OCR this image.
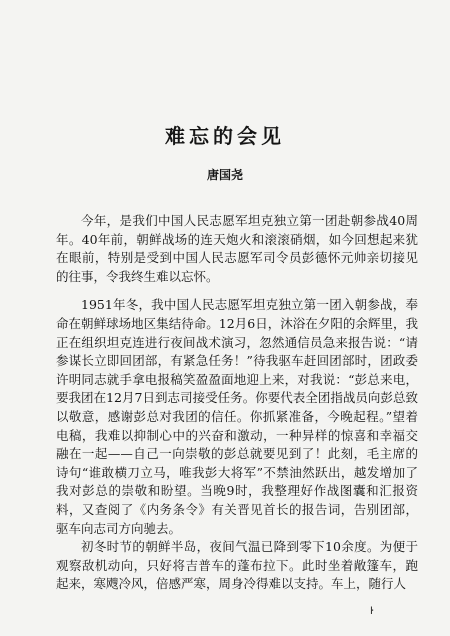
难忘的会见
唐国尧

今年，是我们中国人民志愿军坦克独立第一团赴朝参战40周年。40年前，朝鲜战场的连天炮火和滚滚硝烟，如今回想起来犹在眼前，特别是受到中国人民志愿军司令员彭德怀元帅亲切接见的往事，令我终生难以忘怀。

1951年冬，我中国人民志愿军坦克独立第一团入朝参战，奉命在朝鲜球场地区集结待命。12月6日，沐浴在夕阳的余辉里，我正在组织坦克连进行夜间战术演习，忽然通信员急来报告说：“请参谋长立即回团部，有紧急任务！”待我驱车赶回团部时，团政委许明同志就手拿电报稿笑盈盈面地迎上来，对我说：“彭总来电，要我团在12月7日到志司接受任务。你要代表全团指战员向彭总致以敬意，感谢彭总对我团的信任。你抓紧准备，今晚起程。”望着电稿，我难以抑制心中的兴奋和激动，一种异样的惊喜和幸福交融在一起——自己一向崇敬的彭总就要见到了！此刻，毛主席的诗句“谁敢横刀立马，唯我彭大将军”不禁油然跃出，越发增加了我对彭总的崇敬和盼望。当晚9时，我整理好作战图囊和汇报资料，又查阅了《内务条令》有关晋见首长的报告词，告别团部，驱车向志司方向驰去。

初冬时节的朝鲜半岛，夜间气温已降到零下10余度。为便于观察敌机动向，只好将吉普车的蓬布拉下。此时坐着敞篷车，跑起来，寒飕冷风，倍感严寒，周身冷得难以支持。车上，随行人

ŀ
